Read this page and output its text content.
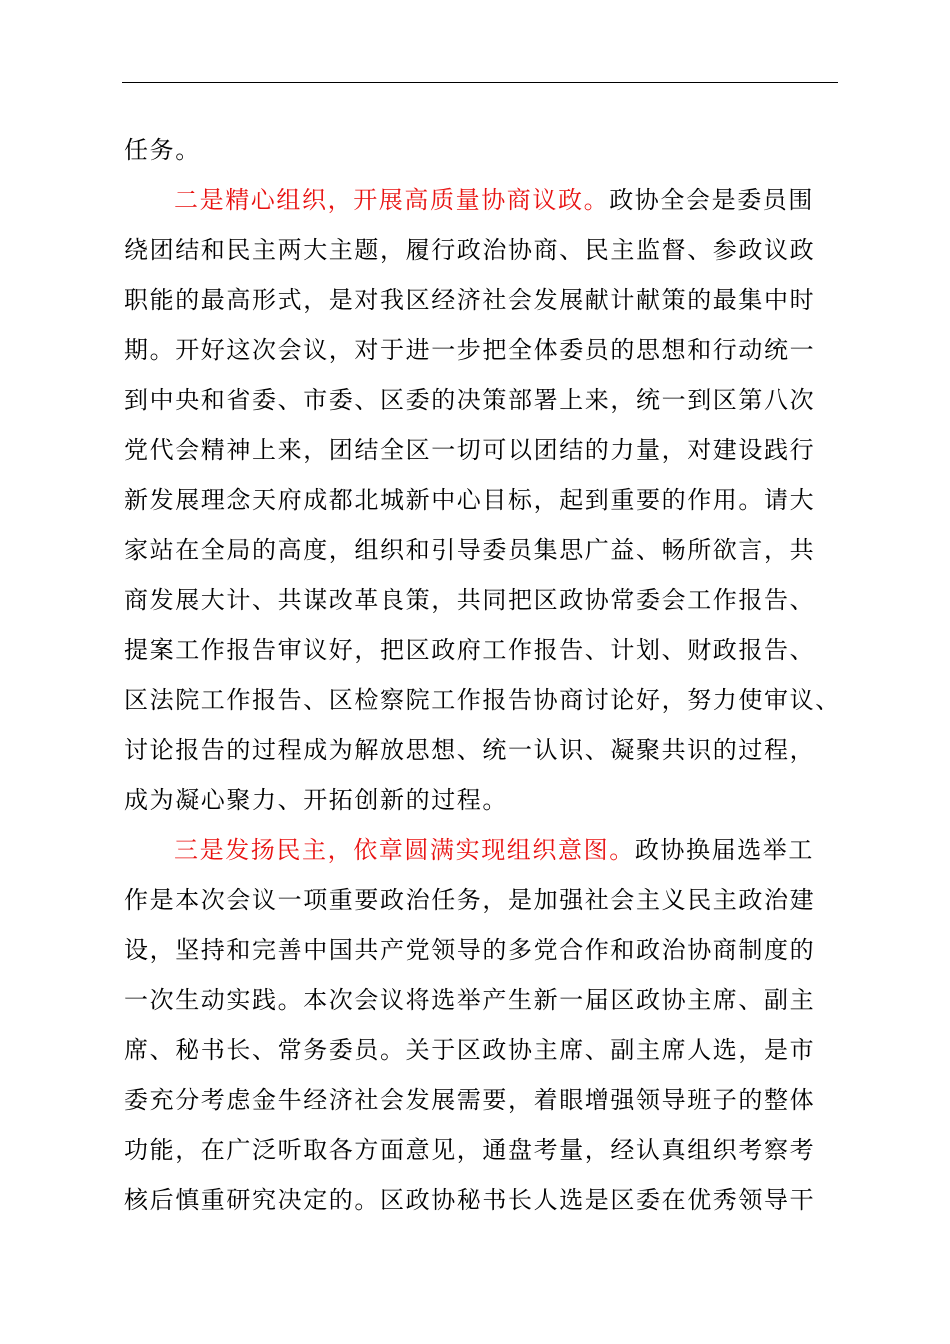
任务。
二是精心组织，开展高质量协商议政。政协全会是委员围
绕团结和民主两大主题，履行政治协商、民主监督、参政议政
职能的最高形式，是对我区经济社会发展献计献策的最集中时
期。开好这次会议，对于进一步把全体委员的思想和行动统一
到中央和省委、市委、区委的决策部署上来，统一到区第八次
党代会精神上来，团结全区一切可以团结的力量，对建设践行
新发展理念天府成都北城新中心目标，起到重要的作用。请大
家站在全局的高度，组织和引导委员集思广益、畅所欲言，共
商发展大计、共谋改革良策，共同把区政协常委会工作报告、
提案工作报告审议好，把区政府工作报告、计划、财政报告、
区法院工作报告、区检察院工作报告协商讨论好，努力使审议、
讨论报告的过程成为解放思想、统一认识、凝聚共识的过程，
成为凝心聚力、开拓创新的过程。
三是发扬民主，依章圆满实现组织意图。政协换届选举工
作是本次会议一项重要政治任务，是加强社会主义民主政治建
设，坚持和完善中国共产党领导的多党合作和政治协商制度的
一次生动实践。本次会议将选举产生新一届区政协主席、副主
席、秘书长、常务委员。关于区政协主席、副主席人选，是市
委充分考虑金牛经济社会发展需要，着眼增强领导班子的整体
功能，在广泛听取各方面意见，通盘考量，经认真组织考察考
核后慎重研究决定的。区政协秘书长人选是区委在优秀领导干
